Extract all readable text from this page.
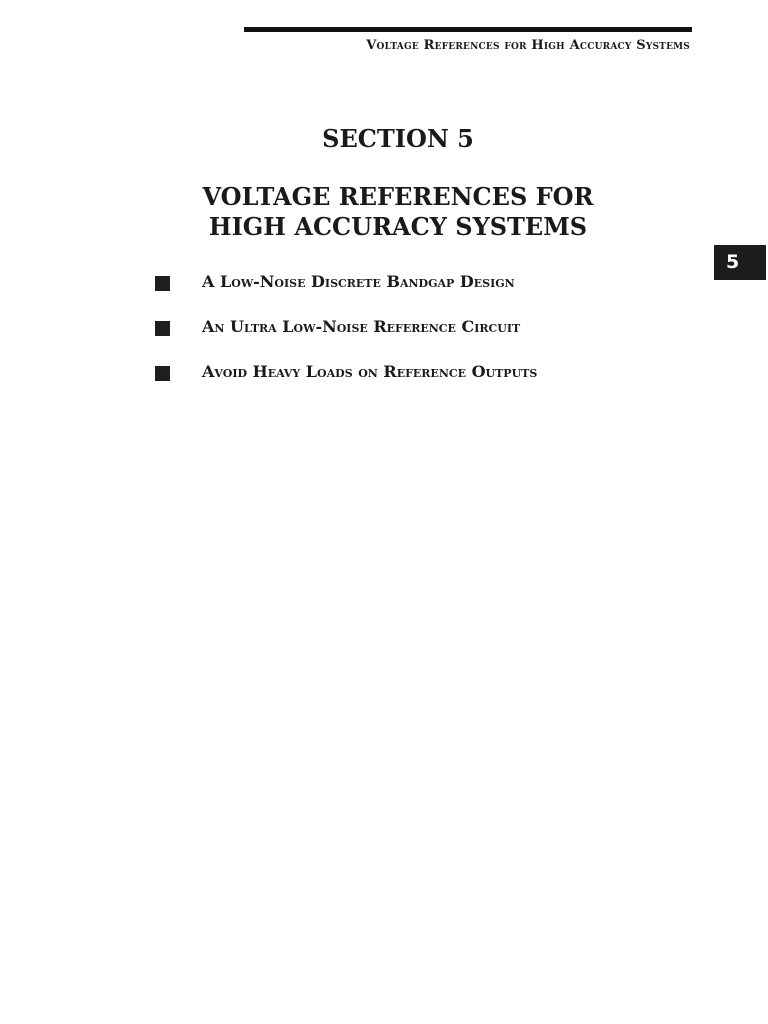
Voltage References for High Accuracy Systems
SECTION 5
VOLTAGE REFERENCES FOR
HIGH ACCURACY SYSTEMS
5
A Low-Noise Discrete Bandgap Design
An Ultra Low-Noise Reference Circuit
Avoid Heavy Loads on Reference Outputs
